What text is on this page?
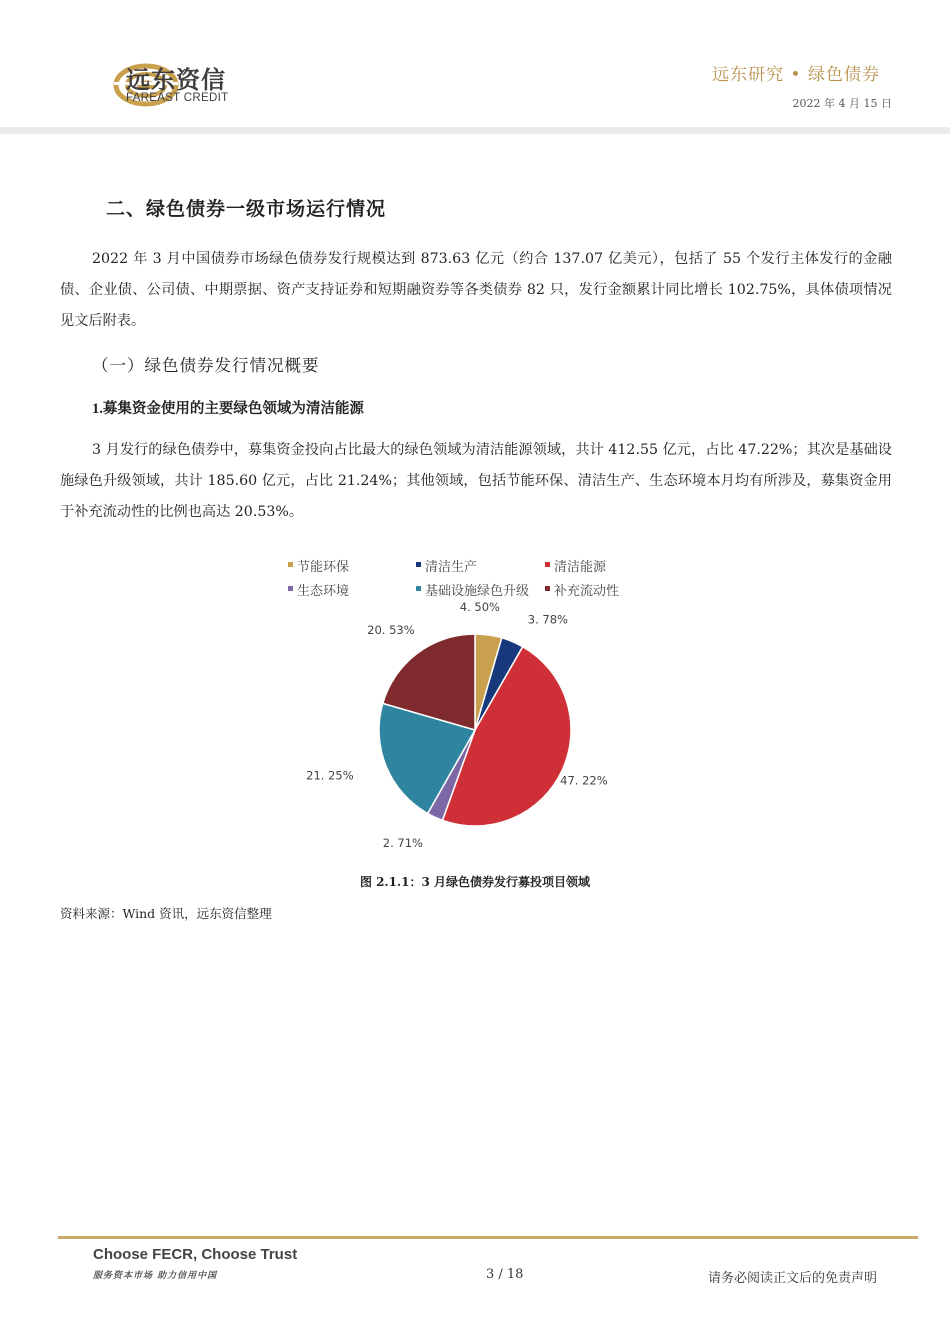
远东资信
FAREAST CREDIT
远东研究 • 绿色债券
2022 年 4 月 15 日
二、绿色债券一级市场运行情况
2022 年 3 月中国债券市场绿色债券发行规模达到 873.63 亿元（约合 137.07 亿美元），包括了 55 个发行主体发行的金融债、企业债、公司债、中期票据、资产支持证券和短期融资券等各类债券 82 只，发行金额累计同比增长 102.75%，具体债项情况见文后附表。
（一）绿色债券发行情况概要
1.募集资金使用的主要绿色领域为清洁能源
3 月发行的绿色债券中，募集资金投向占比最大的绿色领域为清洁能源领域，共计 412.55 亿元，占比 47.22%；其次是基础设施绿色升级领域，共计 185.60 亿元，占比 21.24%；其他领域，包括节能环保、清洁生产、生态环境本月均有所涉及，募集资金用于补充流动性的比例也高达 20.53%。
节能环保	清洁生产	清洁能源
生态环境	基础设施绿色升级 补充流动性
4. 50%
3. 78%
47. 22%
2. 71%
21. 25%
20. 53%
图 2.1.1：3 月绿色债券发行募投项目领域
资料来源：Wind 资讯，远东资信整理
Choose FECR, Choose Trust
服务资本市场 助力信用中国	3 / 18	请务必阅读正文后的免责声明
